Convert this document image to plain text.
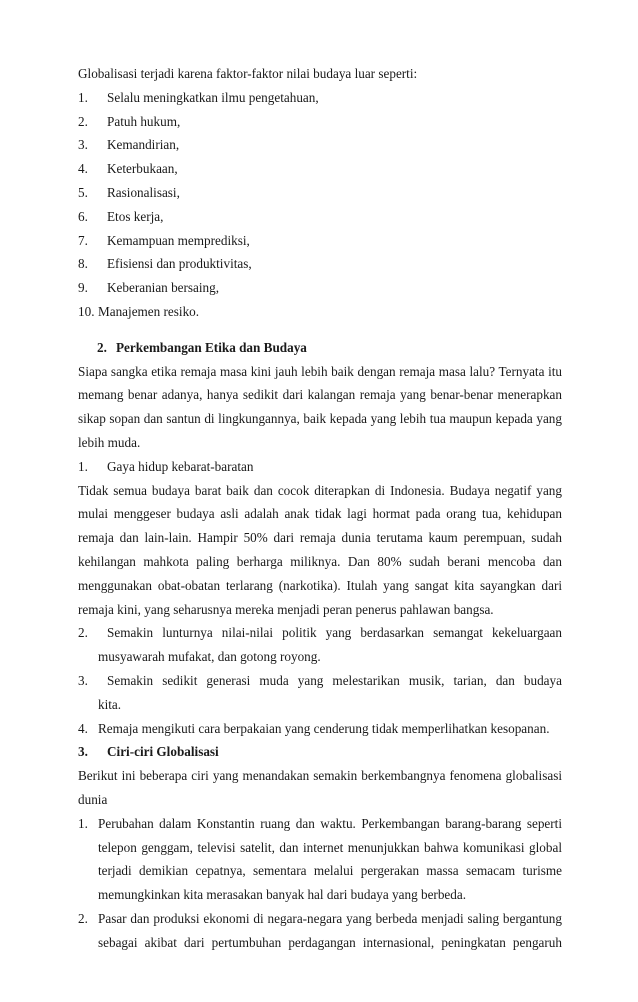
Globalisasi terjadi karena faktor-faktor nilai budaya luar seperti:
1. Selalu meningkatkan ilmu pengetahuan,
2. Patuh hukum,
3. Kemandirian,
4. Keterbukaan,
5. Rasionalisasi,
6. Etos kerja,
7. Kemampuan memprediksi,
8. Efisiensi dan produktivitas,
9. Keberanian bersaing,
10. Manajemen resiko.
2. Perkembangan Etika dan Budaya
Siapa sangka etika remaja masa kini jauh lebih baik dengan remaja masa lalu? Ternyata itu
memang benar adanya, hanya sedikit dari kalangan remaja yang benar-benar menerapkan
sikap sopan dan santun di lingkungannya, baik kepada yang lebih tua maupun kepada yang
lebih muda.
1. Gaya hidup kebarat-baratan
Tidak semua budaya barat baik dan cocok diterapkan di Indonesia. Budaya negatif yang
mulai menggeser budaya asli adalah anak tidak lagi hormat pada orang tua, kehidupan
remaja dan lain-lain. Hampir 50% dari remaja dunia terutama kaum perempuan, sudah
kehilangan mahkota paling berharga miliknya. Dan 80% sudah berani mencoba dan
menggunakan obat-obatan terlarang (narkotika). Itulah yang sangat kita sayangkan dari
remaja kini, yang seharusnya mereka menjadi peran penerus pahlawan bangsa.
2.	Semakin lunturnya nilai-nilai politik yang berdasarkan semangat kekeluargaan
musyawarah mufakat, dan gotong royong.
3.	Semakin sedikit generasi muda yang melestarikan musik, tarian, dan budaya
kita.
4. Remaja mengikuti cara berpakaian yang cenderung tidak memperlihatkan kesopanan.
3. Ciri-ciri Globalisasi
Berikut ini beberapa ciri yang menandakan semakin berkembangnya fenomena globalisasi
dunia
1. Perubahan dalam Konstantin ruang dan waktu. Perkembangan barang-barang seperti
telepon genggam, televisi satelit, dan internet menunjukkan bahwa komunikasi global
terjadi demikian cepatnya, sementara melalui pergerakan massa semacam turisme
memungkinkan kita merasakan banyak hal dari budaya yang berbeda.
2. Pasar dan produksi ekonomi di negara-negara yang berbeda menjadi saling bergantung
sebagai akibat dari pertumbuhan perdagangan internasional, peningkatan pengaruh
